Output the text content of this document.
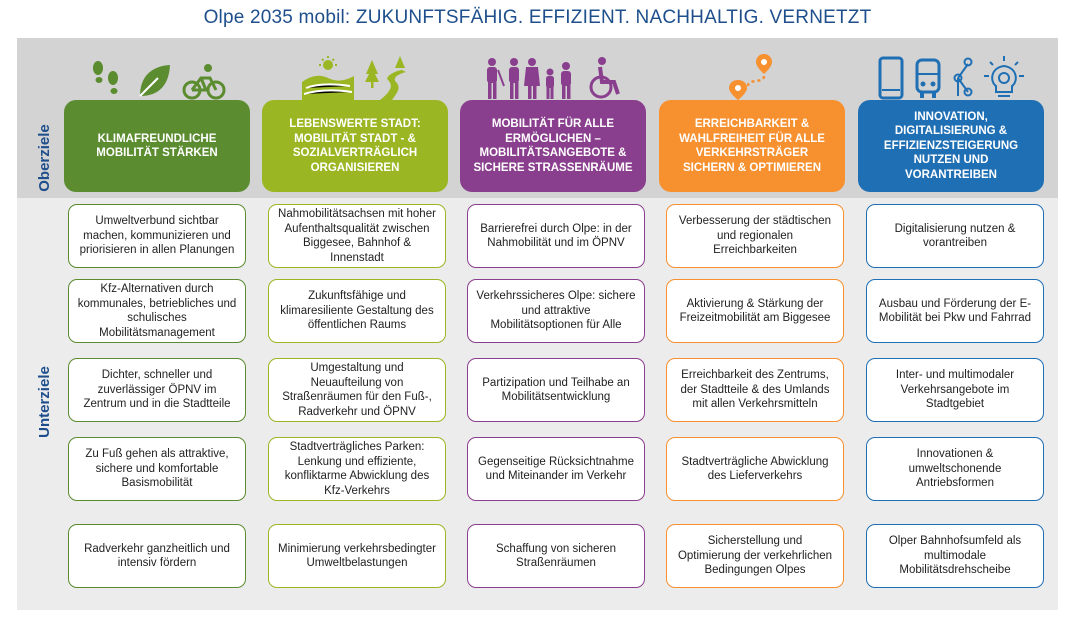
Olpe 2035 mobil: ZUKUNFTSFÄHIG. EFFIZIENT. NACHHALTIG. VERNETZT
Oberziele
Unterziele
KLIMAFREUNDLICHE MOBILITÄT STÄRKEN
LEBENSWERTE STADT: MOBILITÄT STADT - & SOZIALVERTRÄGLICH ORGANISIEREN
MOBILITÄT FÜR ALLE ERMÖGLICHEN – MOBILITÄTSANGEBOTE & SICHERE STRASSENRÄUME
ERREICHBARKEIT & WAHLFREIHEIT FÜR ALLE VERKEHRSTRÄGER SICHERN & OPTIMIEREN
INNOVATION, DIGITALISIERUNG & EFFIZIENZSTEIGERUNG NUTZEN UND VORANTREIBEN
Umweltverbund sichtbar machen, kommunizieren und priorisieren in allen Planungen
Kfz-Alternativen durch kommunales, betriebliches und schulisches Mobilitätsmanagement
Dichter, schneller und zuverlässiger ÖPNV im Zentrum und in die Stadtteile
Zu Fuß gehen als attraktive, sichere und komfortable Basismobilität
Radverkehr ganzheitlich und intensiv fördern
Nahmobilitätsachsen mit hoher Aufenthaltsqualität zwischen Biggesee, Bahnhof & Innenstadt
Zukunftsfähige und klimaresiliente Gestaltung des öffentlichen Raums
Umgestaltung und Neuaufteilung von Straßenräumen für den Fuß-, Radverkehr und ÖPNV
Stadtverträgliches Parken: Lenkung und effiziente, konfliktarme Abwicklung des Kfz-Verkehrs
Minimierung verkehrsbedingter Umweltbelastungen
Barrierefrei durch Olpe: in der Nahmobilität und im ÖPNV
Verkehrssicheres Olpe: sichere und attraktive Mobilitätsoptionen für Alle
Partizipation und Teilhabe an Mobilitätsentwicklung
Gegenseitige Rücksichtnahme und Miteinander im Verkehr
Schaffung von sicheren Straßenräumen
Verbesserung der städtischen und regionalen Erreichbarkeiten
Aktivierung & Stärkung der Freizeitmobilität am Biggesee
Erreichbarkeit des Zentrums, der Stadtteile & des Umlands mit allen Verkehrsmitteln
Stadtverträgliche Abwicklung des Lieferverkehrs
Sicherstellung und Optimierung der verkehrlichen Bedingungen Olpes
Digitalisierung nutzen & vorantreiben
Ausbau und Förderung der E-Mobilität bei Pkw und Fahrrad
Inter- und multimodaler Verkehrsangebote im Stadtgebiet
Innovationen & umweltschonende Antriebsformen
Olper Bahnhofsumfeld als multimodale Mobilitätsdrehscheibe
